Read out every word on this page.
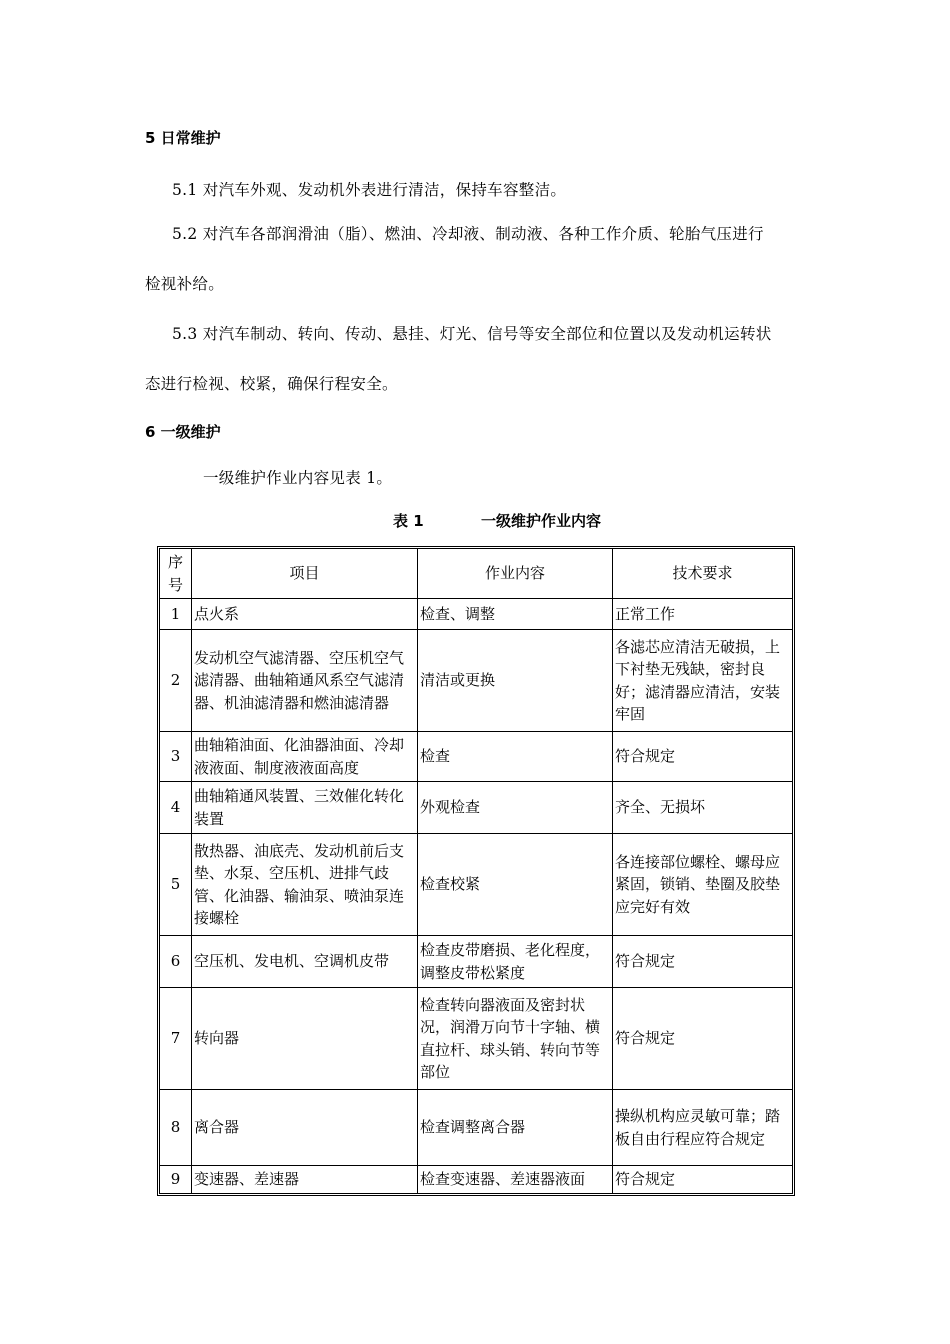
5 日常维护
5.1 对汽车外观、发动机外表进行清洁，保持车容整洁。
5.2 对汽车各部润滑油（脂）、燃油、冷却液、制动液、各种工作介质、轮胎气压进行
检视补给。
5.3 对汽车制动、转向、传动、悬挂、灯光、信号等安全部位和位置以及发动机运转状
态进行检视、校紧，确保行程安全。
6 一级维护
一级维护作业内容见表 1。
表 1	一级维护作业内容
序号	项目	作业内容	技术要求
1	点火系	检查、调整	正常工作
2	发动机空气滤清器、空压机空气滤清器、曲轴箱通风系空气滤清器、机油滤清器和燃油滤清器	清洁或更换	各滤芯应清洁无破损，上下衬垫无残缺，密封良好；滤清器应清洁，安装牢固
3	曲轴箱油面、化油器油面、冷却液液面、制度液液面高度	检查	符合规定
4	曲轴箱通风装置、三效催化转化装置	外观检查	齐全、无损坏
5	散热器、油底壳、发动机前后支垫、水泵、空压机、进排气歧管、化油器、输油泵、喷油泵连接螺栓	检查校紧	各连接部位螺栓、螺母应紧固，锁销、垫圈及胶垫应完好有效
6	空压机、发电机、空调机皮带	检查皮带磨损、老化程度，调整皮带松紧度	符合规定
7	转向器	检查转向器液面及密封状况，润滑万向节十字轴、横直拉杆、球头销、转向节等部位	符合规定
8	离合器	检查调整离合器	操纵机构应灵敏可靠；踏板自由行程应符合规定
9	变速器、差速器	检查变速器、差速器液面	符合规定
